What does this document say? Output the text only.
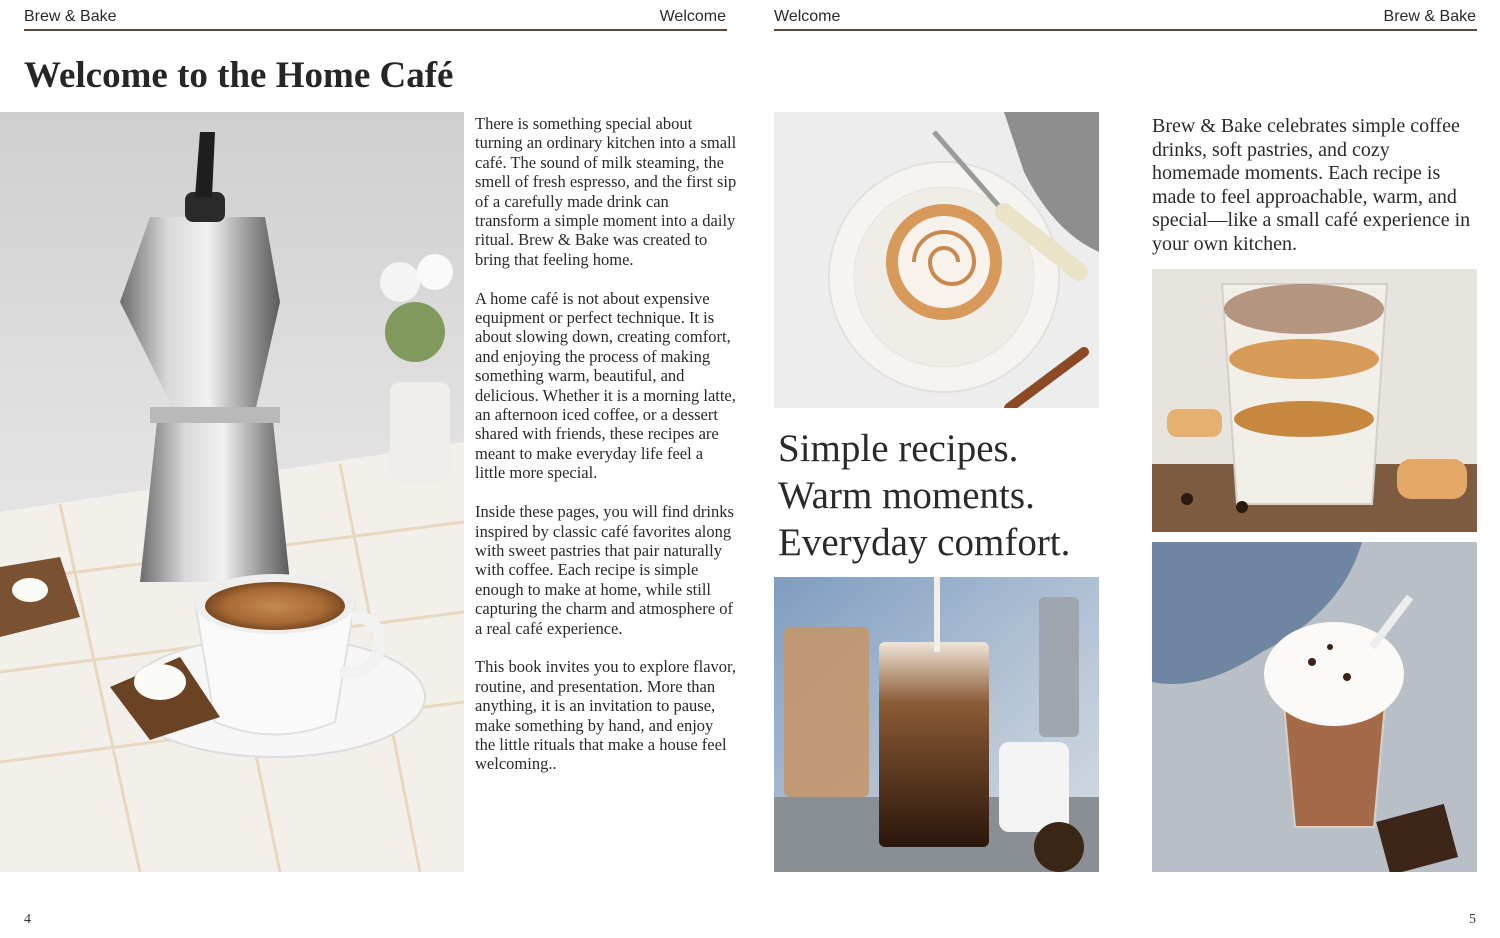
Brew & Bake	Welcome	Welcome	Brew & Bake
Welcome to the Home Café

There is something special about turning an ordinary kitchen into a small café. The sound of milk steaming, the smell of fresh espresso, and the first sip of a carefully made drink can transform a simple moment into a daily ritual. Brew & Bake was created to bring that feeling home.

A home café is not about expensive equipment or perfect technique. It is about slowing down, creating comfort, and enjoying the process of making something warm, beautiful, and delicious. Whether it is a morning latte, an afternoon iced coffee, or a dessert shared with friends, these recipes are meant to make everyday life feel a little more special.

Inside these pages, you will find drinks inspired by classic café favorites along with sweet pastries that pair naturally with coffee. Each recipe is simple enough to make at home, while still capturing the charm and atmosphere of a real café experience.

This book invites you to explore flavor, routine, and presentation. More than anything, it is an invitation to pause, make something by hand, and enjoy the little rituals that make a house feel welcoming..

Simple recipes.
Warm moments.
Everyday comfort.
Brew & Bake celebrates simple coffee drinks, soft pastries, and cozy homemade moments. Each recipe is made to feel approachable, warm, and special—like a small café experience in your own kitchen.
4	5
